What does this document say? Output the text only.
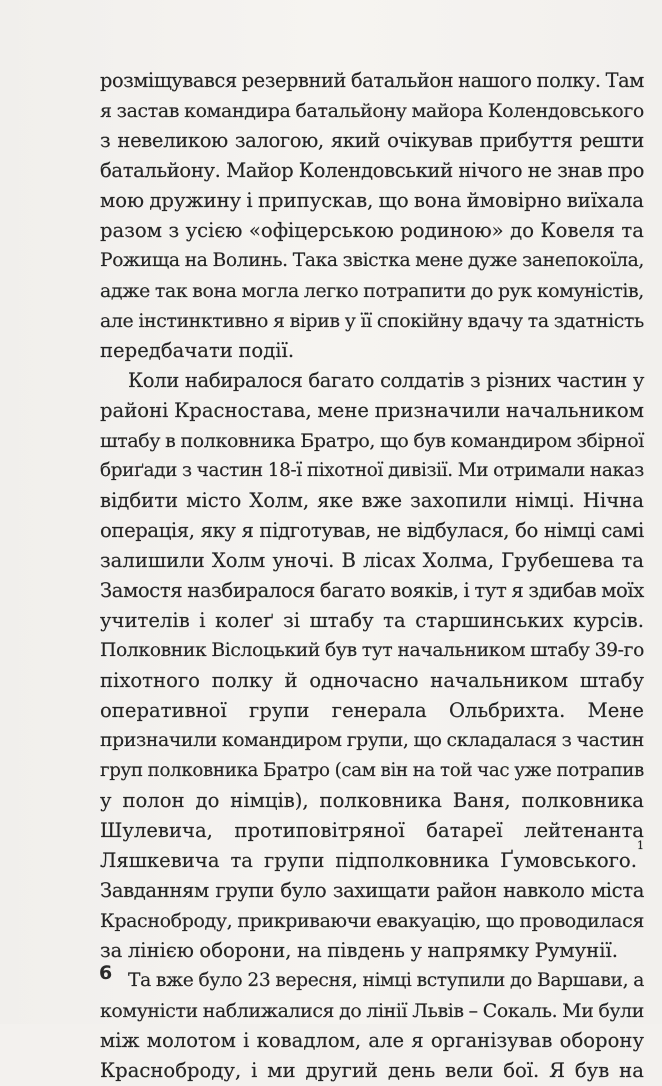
розміщувався резервний батальйон нашого полку. Там
я застав командира батальйону майора Колендовського
з невеликою залогою, який очікував прибуття решти
батальйону. Майор Колендовський нічого не знав про
мою дружину і припускав, що вона ймовірно виїхала
разом з усією «офіцерською родиною» до Ковеля та
Рожища на Волинь. Така звістка мене дуже занепокоїла,
адже так вона могла легко потрапити до рук комуністів,
але інстинктивно я вірив у її спокійну вдачу та здатність
передбачати події.
Коли набиралося багато солдатів з різних частин у
районі Красностава, мене призначили начальником
штабу в полковника Братро, що був командиром збірної
бриґади з частин 18-ї піхотної дивізії. Ми отримали наказ
відбити місто Холм, яке вже захопили німці. Нічна
операція, яку я підготував, не відбулася, бо німці самі
залишили Холм уночі. В лісах Холма, Грубешева та
Замостя назбиралося багато вояків, і тут я здибав моїх
учителів і колеґ зі штабу та старшинських курсів.
Полковник Віслоцький був тут начальником штабу 39-го
піхотного полку й одночасно начальником штабу
оперативної групи генерала Ольбрихта. Мене
призначили командиром групи, що складалася з частин
груп полковника Братро (сам він на той час уже потрапив
у полон до німців), полковника Ваня, полковника
Шулевича, протиповітряної батареї лейтенанта
Ляшкевича та групи підполковника Ґумовського.
1
Завданням групи було захищати район навколо міста
Краснобpоду, прикриваючи евакуацію, що проводилася
за лінією оборони, на південь у напрямку Румунії.
Та вже було 23 вересня, німці вступили до Варшави, а
комуністи наближалися до лінії Львів – Сокаль. Ми були
між молотом і ковадлом, але я організував оборону
Краснобpоду, і ми другий день вели бої. Я був на
6
